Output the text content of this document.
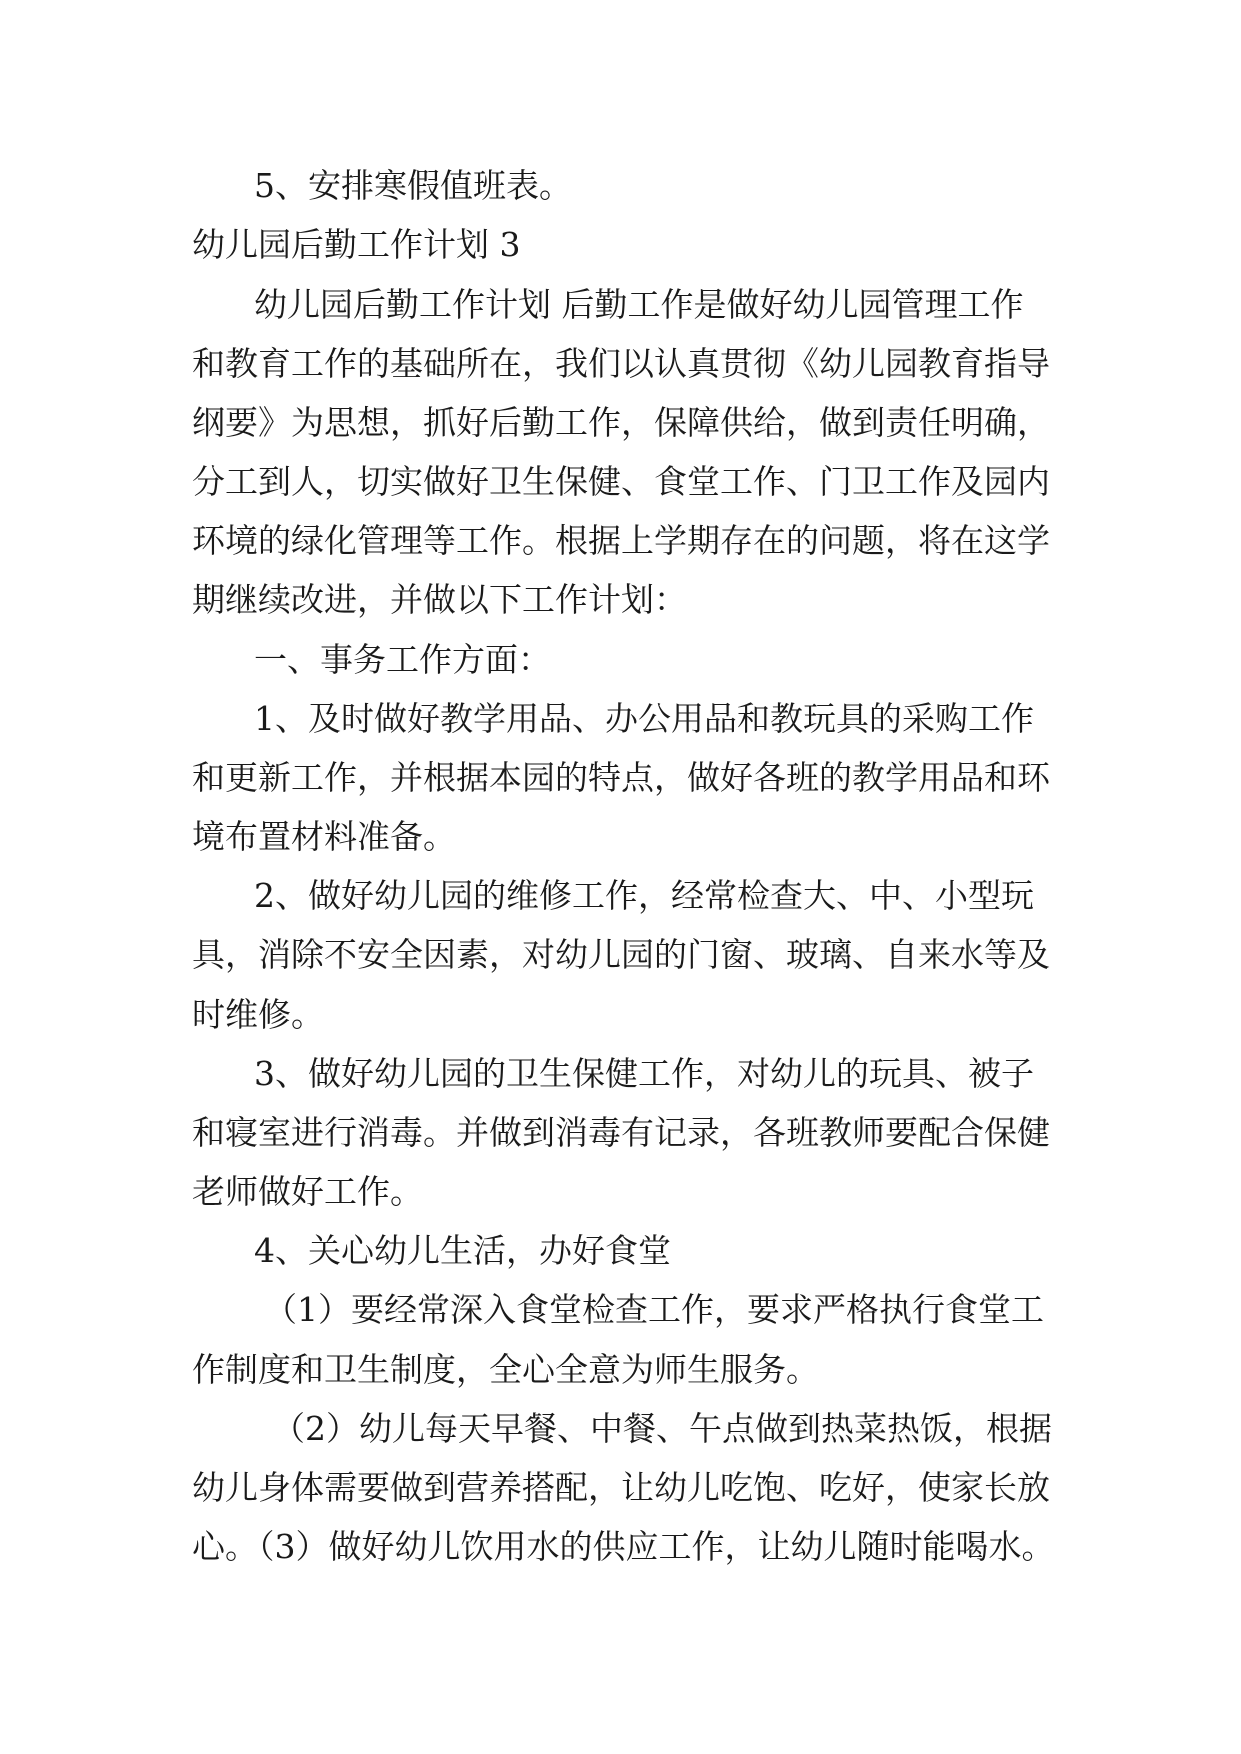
5、安排寒假值班表。
幼儿园后勤工作计划 3
幼儿园后勤工作计划 后勤工作是做好幼儿园管理工作
和教育工作的基础所在，我们以认真贯彻《幼儿园教育指导
纲要》为思想，抓好后勤工作，保障供给，做到责任明确，
分工到人，切实做好卫生保健、食堂工作、门卫工作及园内
环境的绿化管理等工作。根据上学期存在的问题，将在这学
期继续改进，并做以下工作计划：
一、事务工作方面：
1、及时做好教学用品、办公用品和教玩具的采购工作
和更新工作，并根据本园的特点，做好各班的教学用品和环
境布置材料准备。
2、做好幼儿园的维修工作，经常检查大、中、小型玩
具，消除不安全因素，对幼儿园的门窗、玻璃、自来水等及
时维修。
3、做好幼儿园的卫生保健工作，对幼儿的玩具、被子
和寝室进行消毒。并做到消毒有记录，各班教师要配合保健
老师做好工作。
4、关心幼儿生活，办好食堂
（1）要经常深入食堂检查工作，要求严格执行食堂工
作制度和卫生制度，全心全意为师生服务。
（2）幼儿每天早餐、中餐、午点做到热菜热饭，根据
幼儿身体需要做到营养搭配，让幼儿吃饱、吃好，使家长放
心。（3）做好幼儿饮用水的供应工作，让幼儿随时能喝水。
